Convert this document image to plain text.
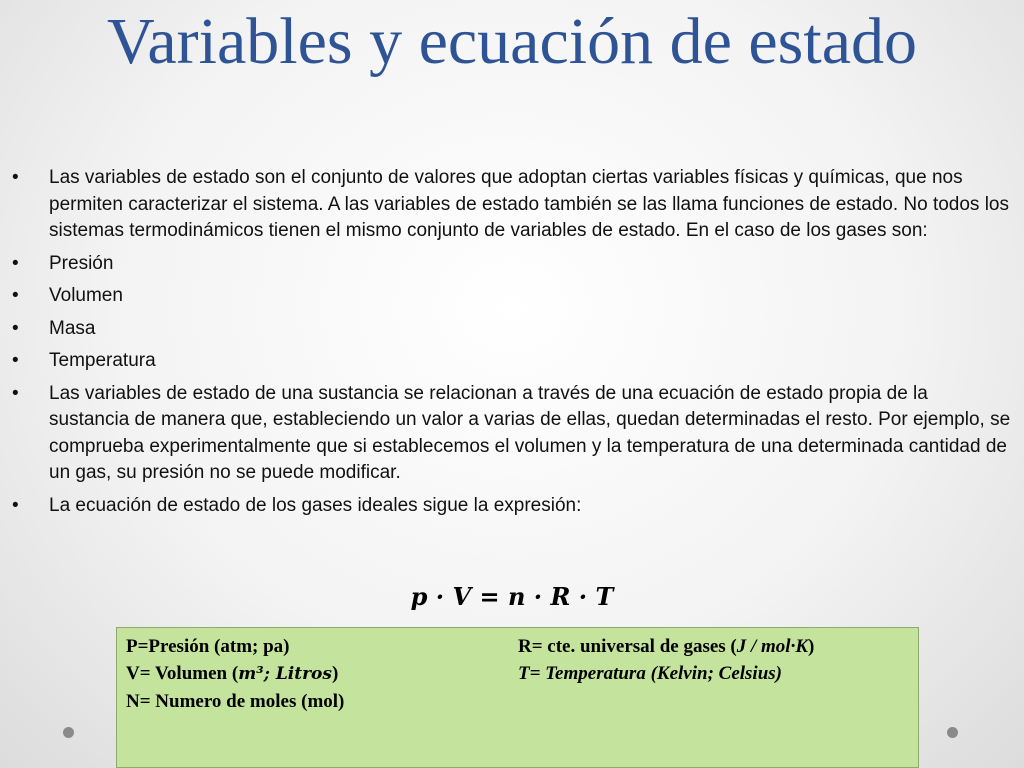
Variables y ecuación de estado
• Las variables de estado son el conjunto de valores que adoptan ciertas variables físicas y químicas, que nos permiten caracterizar el sistema. A las variables de estado también se las llama funciones de estado. No todos los sistemas termodinámicos tienen el mismo conjunto de variables de estado. En el caso de los gases son:
• Presión
• Volumen
• Masa
• Temperatura
• Las variables de estado de una sustancia se relacionan a través de una ecuación de estado propia de la sustancia de manera que, estableciendo un valor a varias de ellas, quedan determinadas el resto. Por ejemplo, se comprueba experimentalmente que si establecemos el volumen y la temperatura de una determinada cantidad de un gas, su presión no se puede modificar.
• La ecuación de estado de los gases ideales sigue la expresión:
𝒑 · 𝑽 = 𝒏 · 𝑹 · 𝑻
P=Presión (atm; pa)
V= Volumen (𝒎³; 𝑳𝒊𝒕𝒓𝒐𝒔)
N= Numero de moles (mol)
R= cte. universal de gases (J / mol·K)
T= Temperatura (Kelvin; Celsius)
